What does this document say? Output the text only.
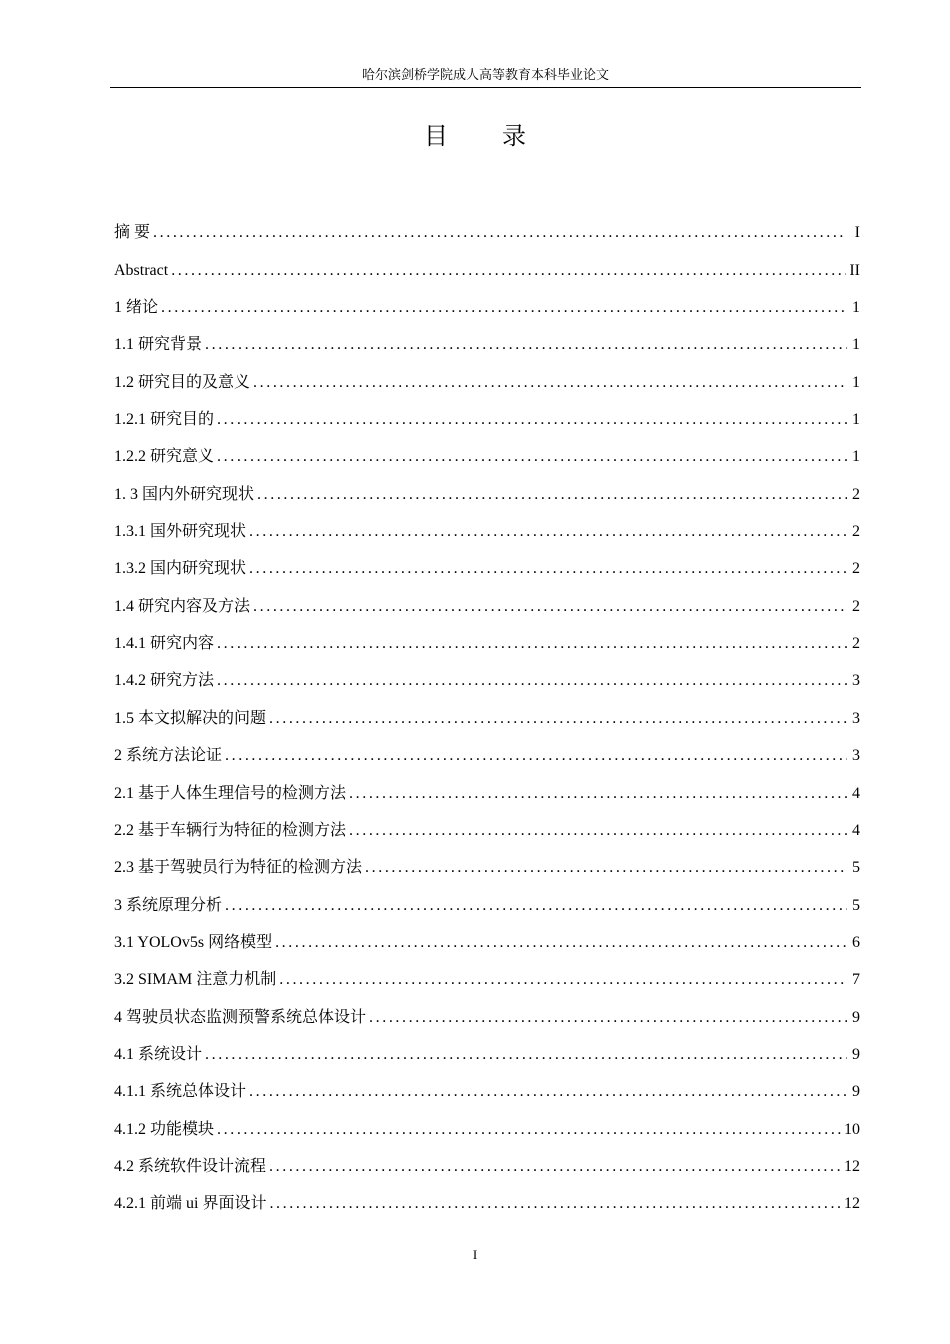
哈尔滨剑桥学院成人高等教育本科毕业论文
目 录
摘 要 .....	I
Abstract .....	II
1 绪论 .....	1
1.1 研究背景 .....	1
1.2 研究目的及意义 .....	1
1.2.1 研究目的 .....	1
1.2.2 研究意义 .....	1
1. 3 国内外研究现状 .....	2
1.3.1 国外研究现状 .....	2
1.3.2 国内研究现状 .....	2
1.4 研究内容及方法 .....	2
1.4.1 研究内容 .....	2
1.4.2 研究方法 .....	3
1.5 本文拟解决的问题 .....	3
2 系统方法论证 .....	3
2.1 基于人体生理信号的检测方法 .....	4
2.2 基于车辆行为特征的检测方法 .....	4
2.3 基于驾驶员行为特征的检测方法 .....	5
3 系统原理分析 .....	5
3.1 YOLOv5s 网络模型 .....	6
3.2 SIMAM 注意力机制 .....	7
4 驾驶员状态监测预警系统总体设计 .....	9
4.1 系统设计 .....	9
4.1.1 系统总体设计 .....	9
4.1.2 功能模块 .....	10
4.2 系统软件设计流程 .....	12
4.2.1 前端 ui 界面设计 .....	12
I
